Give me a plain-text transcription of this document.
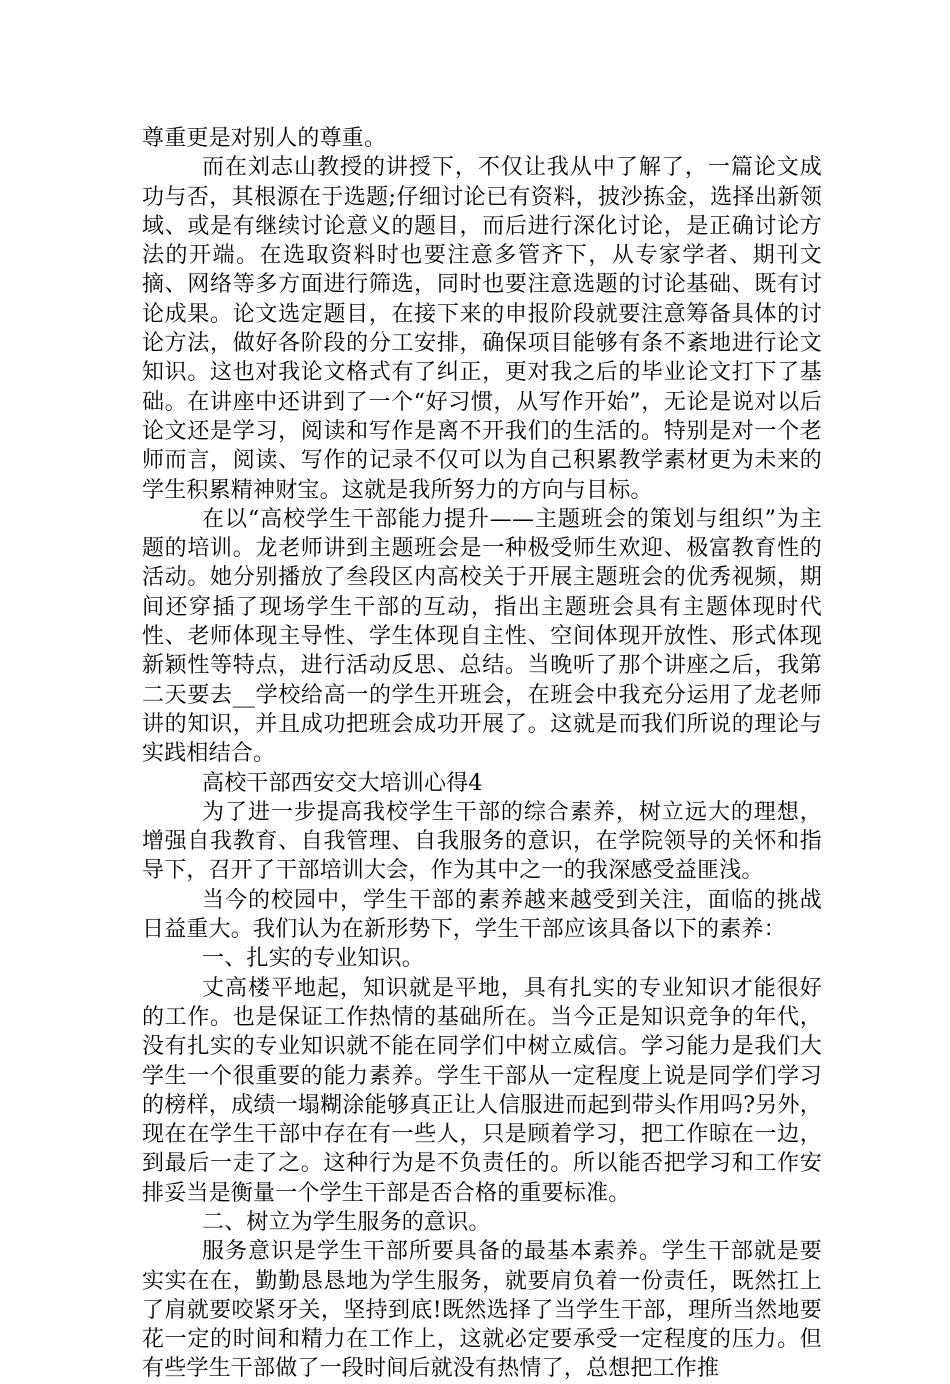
尊重更是对别人的尊重。

而在刘志山教授的讲授下，不仅让我从中了解了，一篇论文成功与否，其根源在于选题;仔细讨论已有资料，披沙拣金，选择出新领域、或是有继续讨论意义的题目，而后进行深化讨论，是正确讨论方法的开端。在选取资料时也要注意多管齐下，从专家学者、期刊文摘、网络等多方面进行筛选，同时也要注意选题的讨论基础、既有讨论成果。论文选定题目，在接下来的申报阶段就要注意筹备具体的讨论方法，做好各阶段的分工安排，确保项目能够有条不紊地进行论文知识。这也对我论文格式有了纠正，更对我之后的毕业论文打下了基础。在讲座中还讲到了一个“好习惯，从写作开始”，无论是说对以后论文还是学习，阅读和写作是离不开我们的生活的。特别是对一个老师而言，阅读、写作的记录不仅可以为自己积累教学素材更为未来的学生积累精神财宝。这就是我所努力的方向与目标。

在以“高校学生干部能力提升——主题班会的策划与组织”为主题的培训。龙老师讲到主题班会是一种极受师生欢迎、极富教育性的活动。她分别播放了叁段区内高校关于开展主题班会的优秀视频，期间还穿插了现场学生干部的互动，指出主题班会具有主题体现时代性、老师体现主导性、学生体现自主性、空间体现开放性、形式体现新颖性等特点，进行活动反思、总结。当晚听了那个讲座之后，我第二天要去__学校给高一的学生开班会，在班会中我充分运用了龙老师讲的知识，并且成功把班会成功开展了。这就是而我们所说的理论与实践相结合。

高校干部西安交大培训心得4

为了进一步提高我校学生干部的综合素养，树立远大的理想，增强自我教育、自我管理、自我服务的意识，在学院领导的关怀和指导下，召开了干部培训大会，作为其中之一的我深感受益匪浅。

当今的校园中，学生干部的素养越来越受到关注，面临的挑战日益重大。我们认为在新形势下，学生干部应该具备以下的素养：

一、扎实的专业知识。

丈高楼平地起，知识就是平地，具有扎实的专业知识才能很好的工作。也是保证工作热情的基础所在。当今正是知识竞争的年代，没有扎实的专业知识就不能在同学们中树立威信。学习能力是我们大学生一个很重要的能力素养。学生干部从一定程度上说是同学们学习的榜样，成绩一塌糊涂能够真正让人信服进而起到带头作用吗?另外，现在在学生干部中存在有一些人，只是顾着学习，把工作晾在一边，到最后一走了之。这种行为是不负责任的。所以能否把学习和工作安排妥当是衡量一个学生干部是否合格的重要标准。

二、树立为学生服务的意识。

服务意识是学生干部所要具备的最基本素养。学生干部就是要实实在在，勤勤恳恳地为学生服务，就要肩负着一份责任，既然扛上了肩就要咬紧牙关，坚持到底!既然选择了当学生干部，理所当然地要花一定的时间和精力在工作上，这就必定要承受一定程度的压力。但有些学生干部做了一段时间后就没有热情了，总想把工作推
